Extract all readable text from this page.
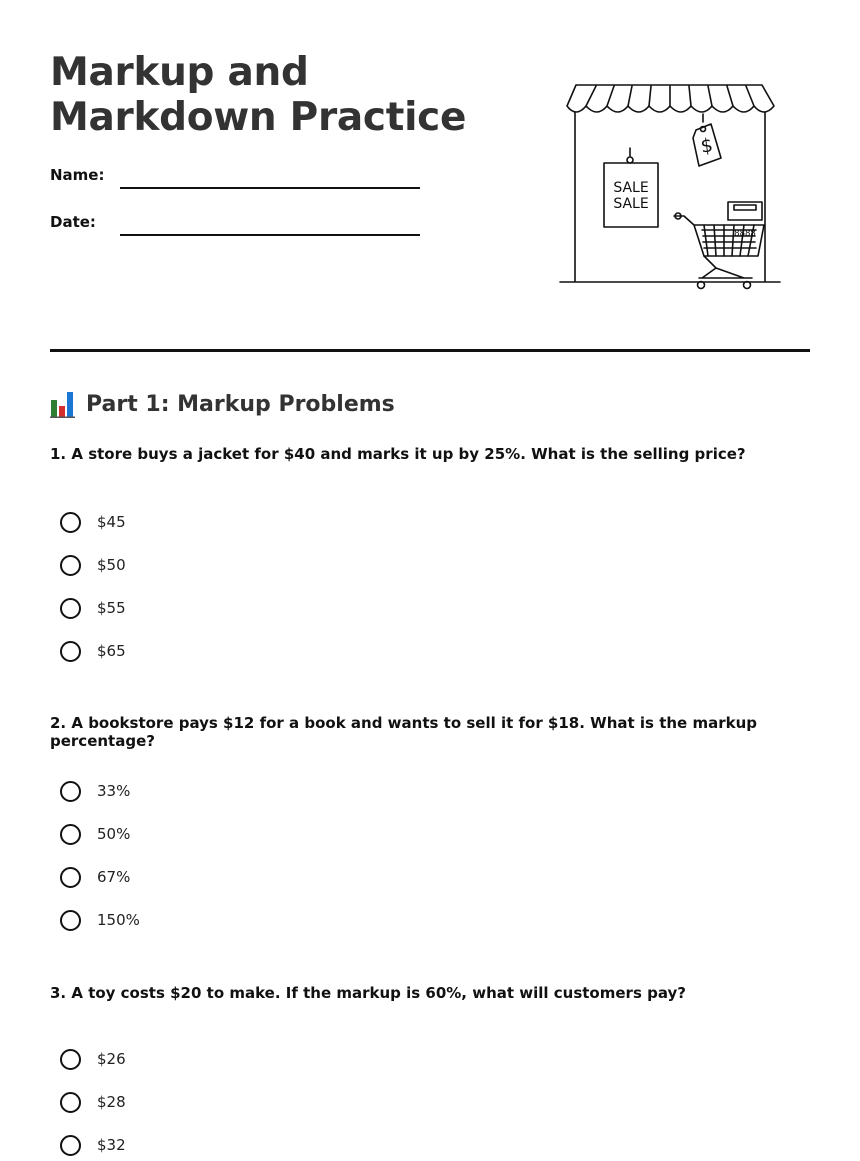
Markup and Markdown Practice
Name:
Date:
SALE
SALE
$
8888
Part 1: Markup Problems
1. A store buys a jacket for $40 and marks it up by 25%. What is the selling price?
$45
$50
$55
$65
2. A bookstore pays $12 for a book and wants to sell it for $18. What is the markup percentage?
33%
50%
67%
150%
3. A toy costs $20 to make. If the markup is 60%, what will customers pay?
$26
$28
$32
